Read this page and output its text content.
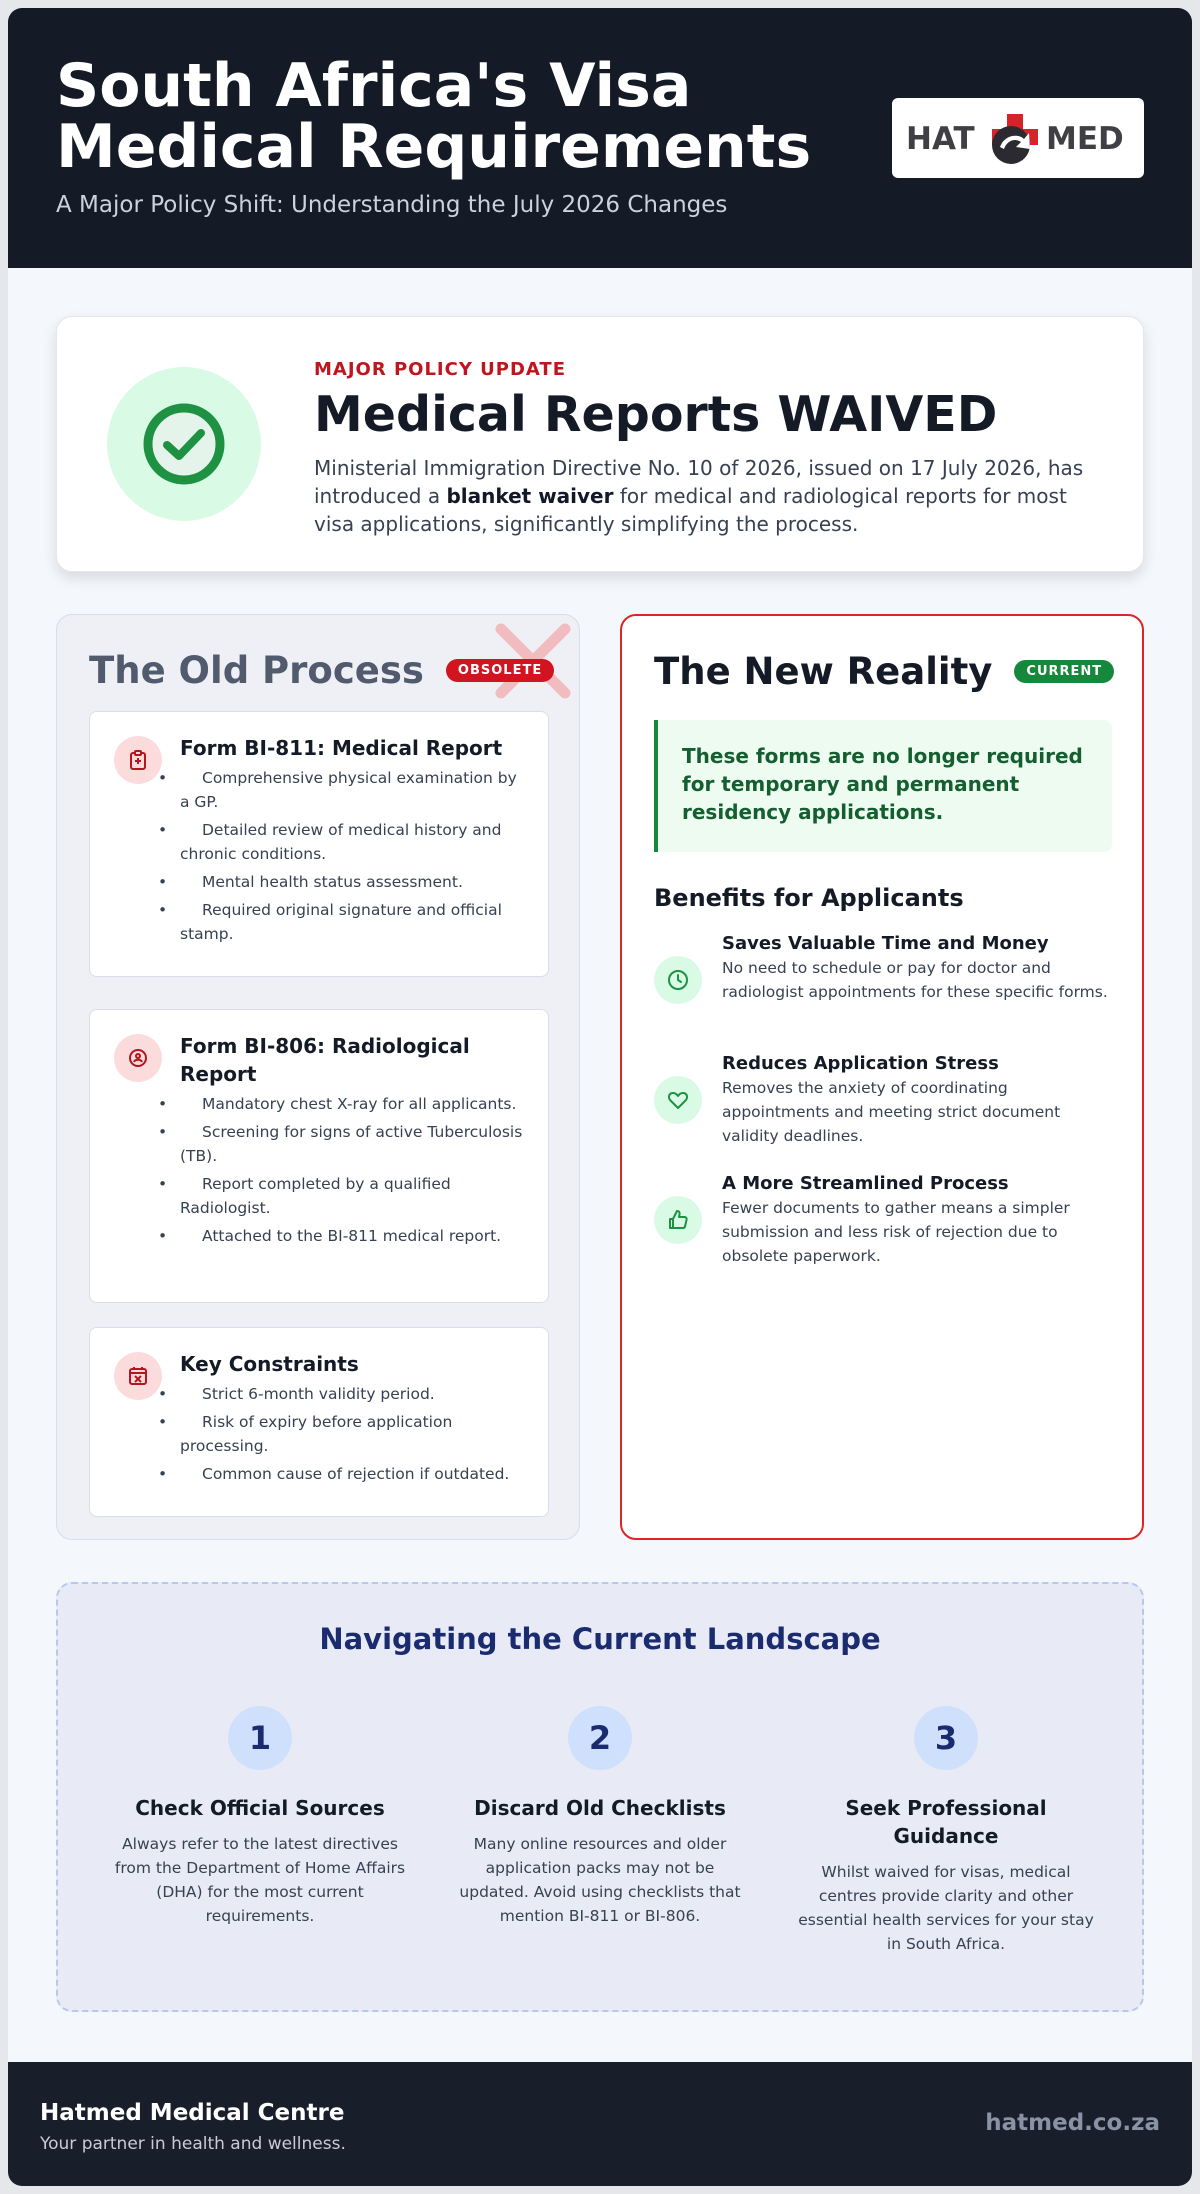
South Africa's Visa Medical Requirements
A Major Policy Shift: Understanding the July 2026 Changes
HAT MED
MAJOR POLICY UPDATE
Medical Reports WAIVED

Ministerial Immigration Directive No. 10 of 2026, issued on 17 July 2026, has introduced a blanket waiver for medical and radiological reports for most visa applications, significantly simplifying the process.

The Old Process	OBSOLETE
Form BI-811: Medical Report
• Comprehensive physical examination by a GP.
• Detailed review of medical history and chronic conditions.
• Mental health status assessment.
• Required original signature and official stamp.
Form BI-806: Radiological Report
• Mandatory chest X-ray for all applicants.
• Screening for signs of active Tuberculosis (TB).
• Report completed by a qualified Radiologist.
• Attached to the BI-811 medical report.
Key Constraints
• Strict 6-month validity period.
• Risk of expiry before application processing.
• Common cause of rejection if outdated.
The New Reality	CURRENT

These forms are no longer required for temporary and permanent residency applications.

Benefits for Applicants
Saves Valuable Time and Money

No need to schedule or pay for doctor and radiologist appointments for these specific forms.

Reduces Application Stress

Removes the anxiety of coordinating appointments and meeting strict document validity deadlines.

A More Streamlined Process

Fewer documents to gather means a simpler submission and less risk of rejection due to obsolete paperwork.

Navigating the Current Landscape
1
Check Official Sources

Always refer to the latest directives from the Department of Home Affairs (DHA) for the most current requirements.

2
Discard Old Checklists

Many online resources and older application packs may not be updated. Avoid using checklists that mention BI-811 or BI-806.

3
Seek Professional Guidance

Whilst waived for visas, medical centres provide clarity and other essential health services for your stay in South Africa.

Hatmed Medical Centre
Your partner in health and wellness.
hatmed.co.za
